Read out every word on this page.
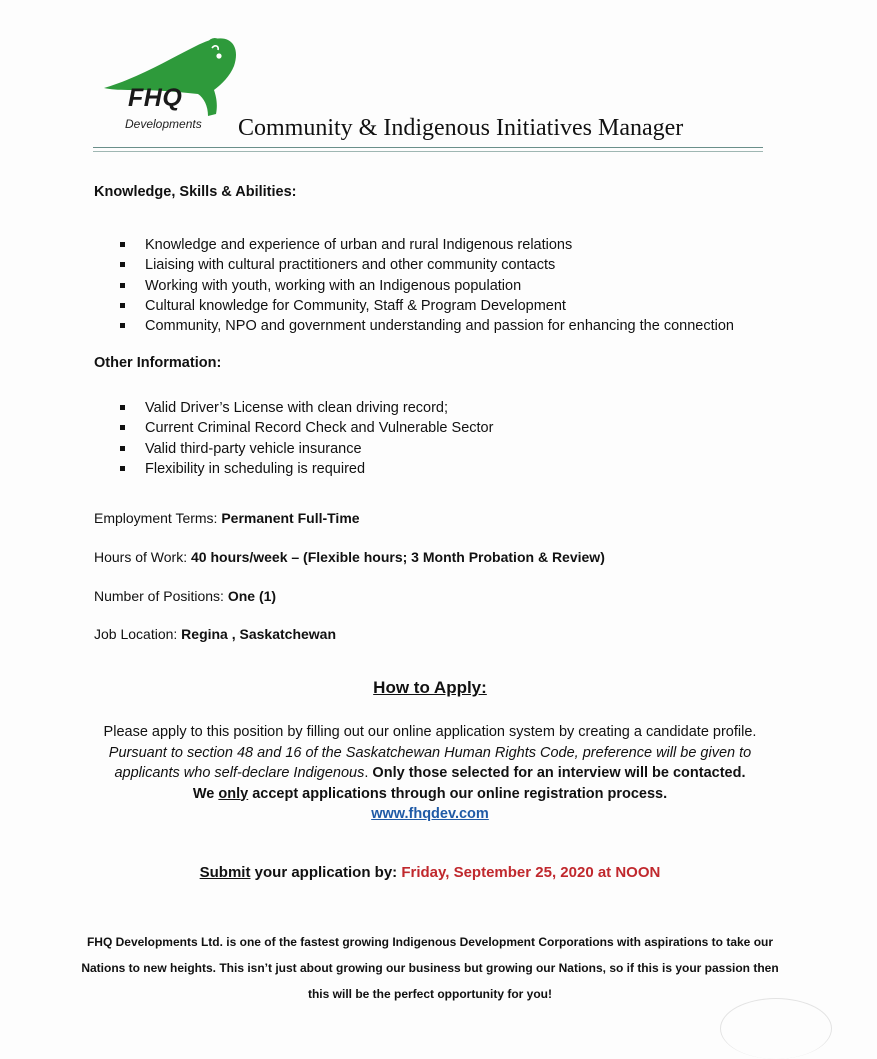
FHQ
Developments Community & Indigenous Initiatives Manager
Knowledge, Skills & Abilities:
Knowledge and experience of urban and rural Indigenous relations
Liaising with cultural practitioners and other community contacts
Working with youth, working with an Indigenous population
Cultural knowledge for Community, Staff & Program Development
Community, NPO and government understanding and passion for enhancing the connection
Other Information:
Valid Driver’s License with clean driving record;
Current Criminal Record Check and Vulnerable Sector
Valid third-party vehicle insurance
Flexibility in scheduling is required
Employment Terms: Permanent Full-Time
Hours of Work: 40 hours/week – (Flexible hours; 3 Month Probation & Review)
Number of Positions: One (1)
Job Location: Regina , Saskatchewan
How to Apply:
Please apply to this position by filling out our online application system by creating a candidate profile. Pursuant to section 48 and 16 of the Saskatchewan Human Rights Code, preference will be given to applicants who self-declare Indigenous. Only those selected for an interview will be contacted.
We only accept applications through our online registration process.
www.fhqdev.com
Submit your application by: Friday, September 25, 2020 at NOON
FHQ Developments Ltd. is one of the fastest growing Indigenous Development Corporations with aspirations to take our Nations to new heights. This isn’t just about growing our business but growing our Nations, so if this is your passion then this will be the perfect opportunity for you!
